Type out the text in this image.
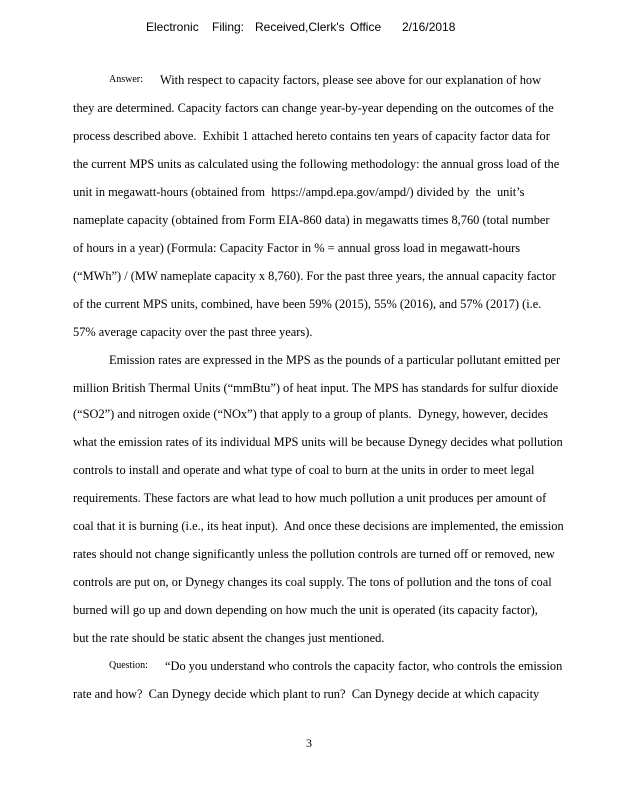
Electronic Filing: Received,Clerk's Office 2/16/2018

Answer:

With respect to capacity factors, please see above for our explanation of how

they are determined. Capacity factors can change year-by-year depending on the outcomes of the
process described above.  Exhibit 1 attached hereto contains ten years of capacity factor data for
the current MPS units as calculated using the following methodology: the annual gross load of the
unit in megawatt-hours (obtained from  https://ampd.epa.gov/ampd/) divided by  the  unit’s
nameplate capacity (obtained from Form EIA-860 data) in megawatts times 8,760 (total number
of hours in a year) (Formula: Capacity Factor in % = annual gross load in megawatt-hours
(“MWh”) / (MW nameplate capacity x 8,760). For the past three years, the annual capacity factor
of the current MPS units, combined, have been 59% (2015), 55% (2016), and 57% (2017) (i.e.
57% average capacity over the past three years).
Emission rates are expressed in the MPS as the pounds of a particular pollutant emitted per
million British Thermal Units (“mmBtu”) of heat input. The MPS has standards for sulfur dioxide
(“SO2”) and nitrogen oxide (“NOx”) that apply to a group of plants.  Dynegy, however, decides
what the emission rates of its individual MPS units will be because Dynegy decides what pollution
controls to install and operate and what type of coal to burn at the units in order to meet legal
requirements. These factors are what lead to how much pollution a unit produces per amount of
coal that it is burning (i.e., its heat input).  And once these decisions are implemented, the emission
rates should not change significantly unless the pollution controls are turned off or removed, new
controls are put on, or Dynegy changes its coal supply. The tons of pollution and the tons of coal
burned will go up and down depending on how much the unit is operated (its capacity factor),
but the rate should be static absent the changes just mentioned.

Question:

“Do you understand who controls the capacity factor, who controls the emission

rate and how?  Can Dynegy decide which plant to run?  Can Dynegy decide at which capacity
3
